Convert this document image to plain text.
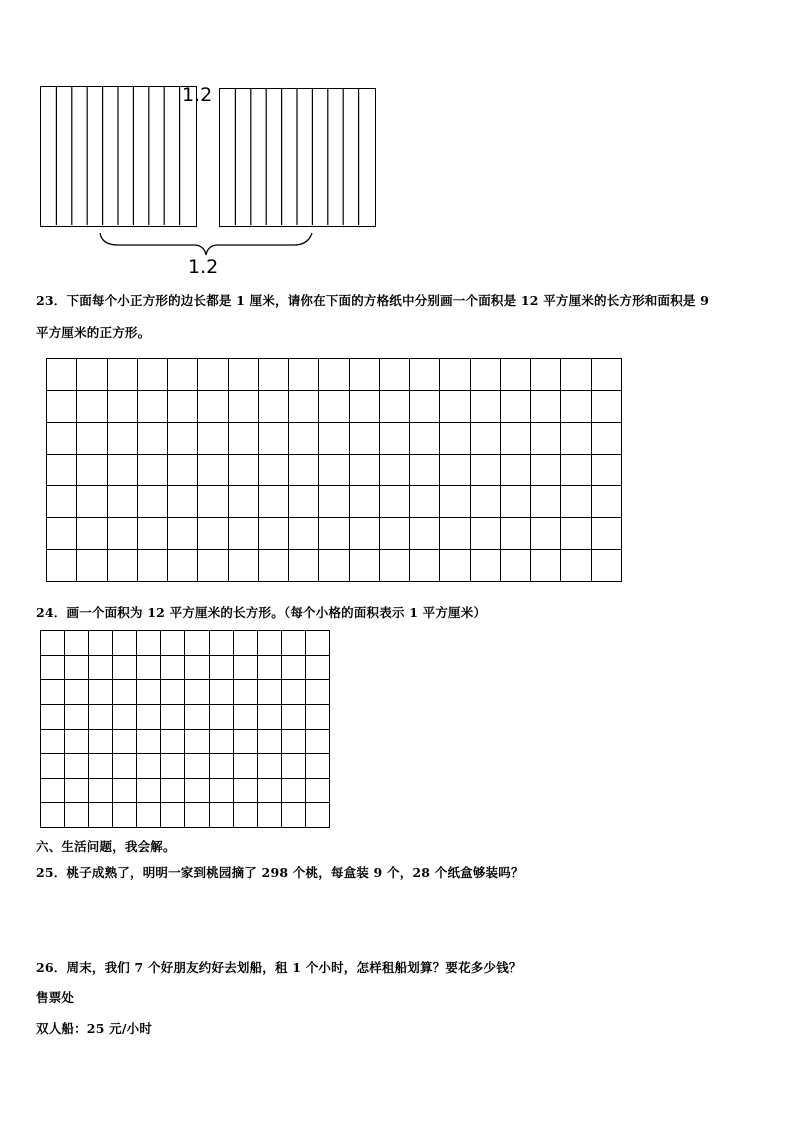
1.2
1.2
23．下面每个小正方形的边长都是 1 厘米，请你在下面的方格纸中分别画一个面积是 12 平方厘米的长方形和面积是 9
平方厘米的正方形。

24．画一个面积为 12 平方厘米的长方形。（每个小格的面积表示 1 平方厘米）

六、生活问题，我会解。
25．桃子成熟了，明明一家到桃园摘了 298 个桃，每盒装 9 个，28 个纸盒够装吗？
26．周末，我们 7 个好朋友约好去划船，租 1 个小时，怎样租船划算？要花多少钱？
售票处
双人船：25 元/小时
